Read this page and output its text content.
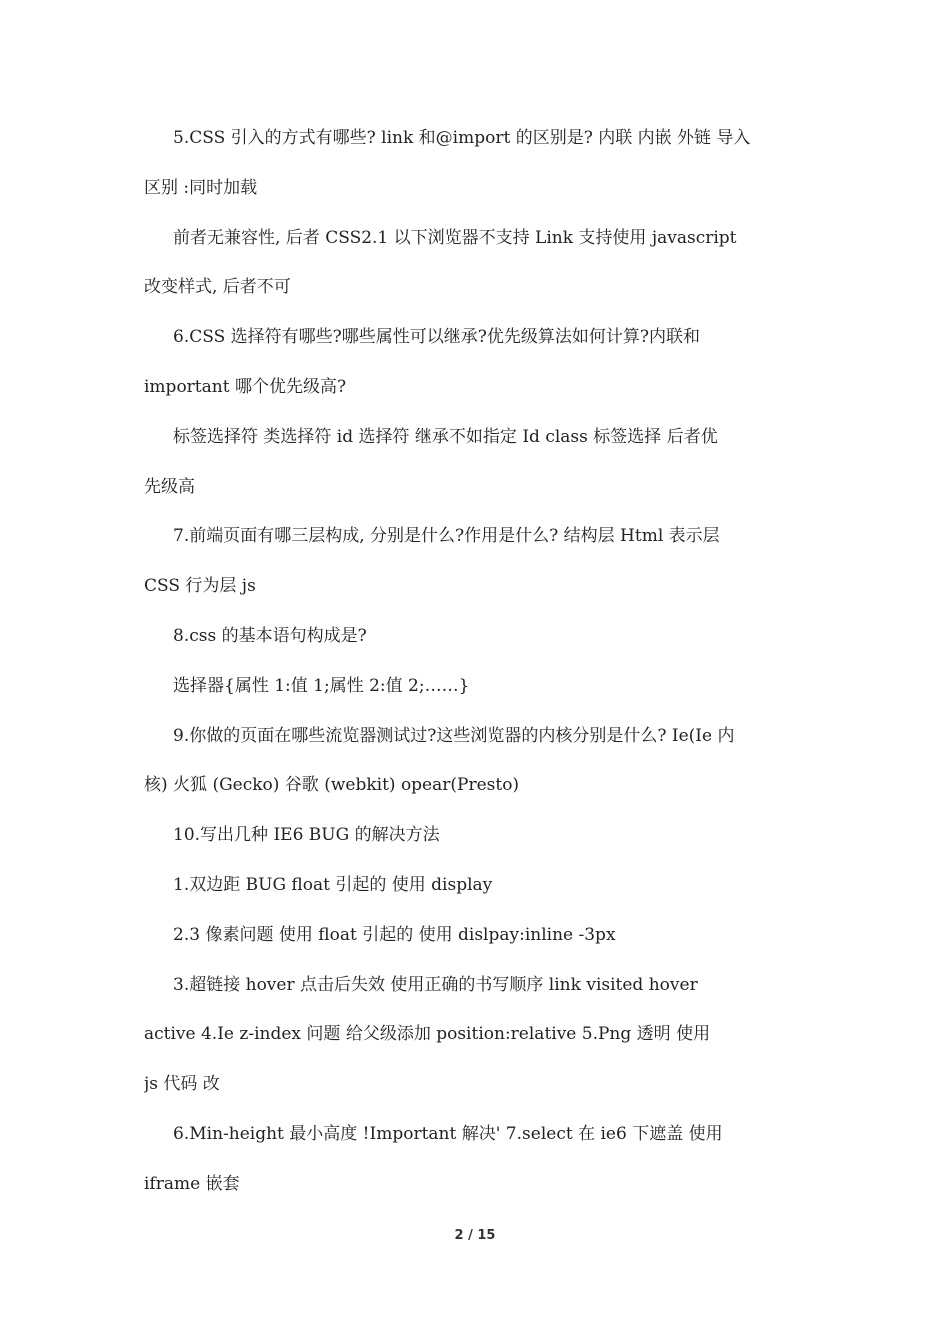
5.CSS 引入的方式有哪些? link 和@import 的区别是? 内联 内嵌 外链 导入
区别 :同时加载
前者无兼容性, 后者 CSS2.1 以下浏览器不支持 Link 支持使用 javascript
改变样式, 后者不可
6.CSS 选择符有哪些?哪些属性可以继承?优先级算法如何计算?内联和
important 哪个优先级高?
标签选择符 类选择符 id 选择符 继承不如指定 Id class 标签选择 后者优
先级高
7.前端页面有哪三层构成, 分别是什么?作用是什么? 结构层 Html 表示层
CSS 行为层 js
8.css 的基本语句构成是?
选择器{属性 1:值 1;属性 2:值 2;……}
9.你做的页面在哪些流览器测试过?这些浏览器的内核分别是什么? Ie(Ie 内
核) 火狐 (Gecko) 谷歌 (webkit) opear(Presto)
10.写出几种 IE6 BUG 的解决方法
1.双边距 BUG float 引起的 使用 display
2.3 像素问题 使用 float 引起的 使用 dislpay:inline -3px
3.超链接 hover 点击后失效 使用正确的书写顺序 link visited hover
active 4.Ie z-index 问题 给父级添加 position:relative 5.Png 透明 使用
js 代码 改
6.Min-height 最小高度 !Important 解决' 7.select 在 ie6 下遮盖 使用
iframe 嵌套
2 / 15
